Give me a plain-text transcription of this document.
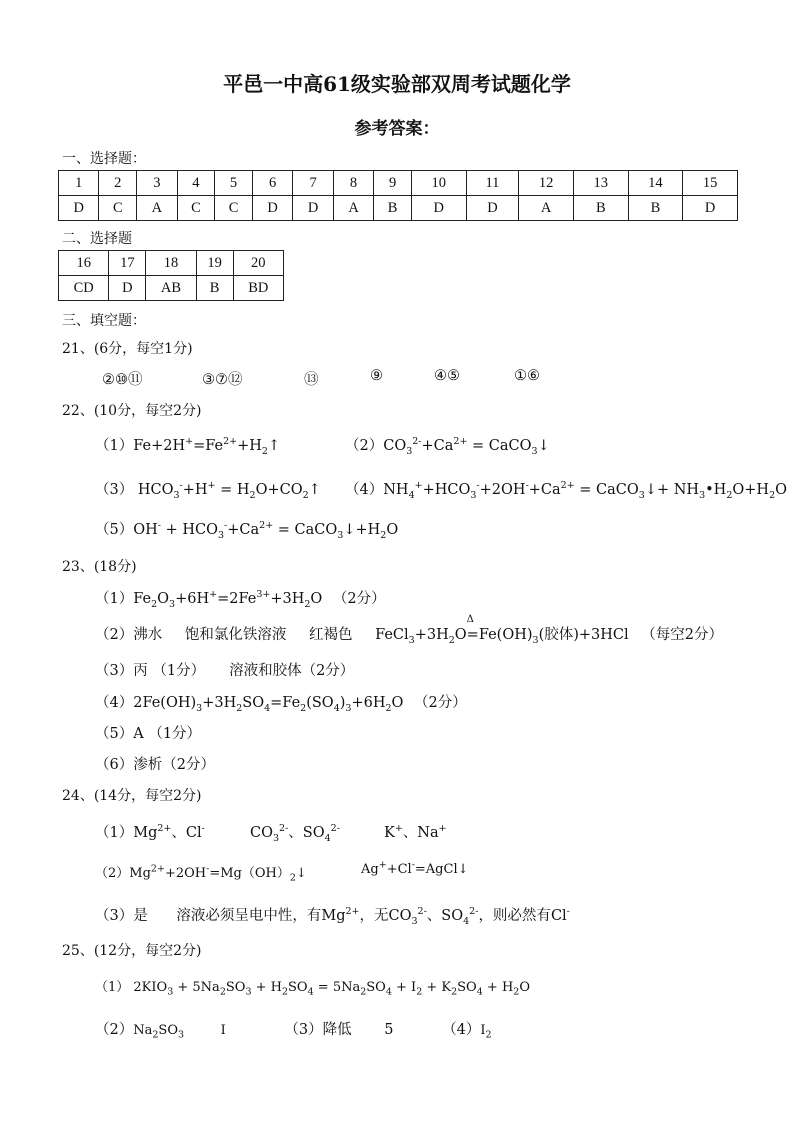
平邑一中高61级实验部双周考试题化学
参考答案：
一、选择题：
1	2	3	4	5	6	7	8	9	10	11	12	13	14	15
D	C	A	C	C	D	D	A	B	D	D	A	B	B	D
二、选择题
16	17	18	19	20
CD	D	AB	B	BD
三、填空题：
21、(6分，每空1分)
②⑩⑪	③⑦⑫	⑬	⑨	④⑤	①⑥
22、(10分，每空2分)
$(1)Fe+2H^+=Fe^{2+}+H_2↑$	$(2)CO_3^{2-}+Ca^{2+}$ = CaCO$_3$↓
（3） $HCO_3^-+H^+$ = $H_2O+CO_2↑$ $(4)NH_4^++HCO_3^-+2OH^-+Ca^{2+}$ = CaCO$_3$↓+ $NH_3•H_2O+H_2O$
$(5)OH^- + HCO_3^-+Ca^{2+}$ = $CaCO_3↓+H_2O$
23、(18分)
$(1)Fe_2O_3+6H^+=2Fe^{3+}+3H_2O$ （2分）
（2）沸水 饱和氯化铁溶液 红褐色 $FeCl_3+3H_2O$
Δ
$=Fe(OH)_3$(胶体)+3HCl （每空2分）
（3）丙 （1分） 溶液和胶体（2分）
$(4)2Fe(OH)_3+3H_2SO_4=Fe_2(SO_4)_3+6H_2O$ （2分）
（5）A （1分）
（6）渗析（2分）
24、(14分，每空2分)
$(1)Mg^{2+}$、Cl-	$CO_3^{2-}$、$SO_4^{2-}$	K+、Na+
$(2)Mg^{2+}+2OH^-=Mg(OH)_2↓$	Ag++Cl-=AgCl↓
（3）是 溶液必须呈电中性，有$Mg^{2+}$，无$CO_3^{2-}$、$SO_4^{2-}$，则必然有Cl-
25、(12分，每空2分)
（1） $2KIO_3 + 5Na_2SO_3 + H_2SO_4 = 5Na_2SO_4 + I_2 + K_2SO_4 + H_2O$
$(2)Na_2SO_3$	I	（3）降低 5	$(4)I_2$
